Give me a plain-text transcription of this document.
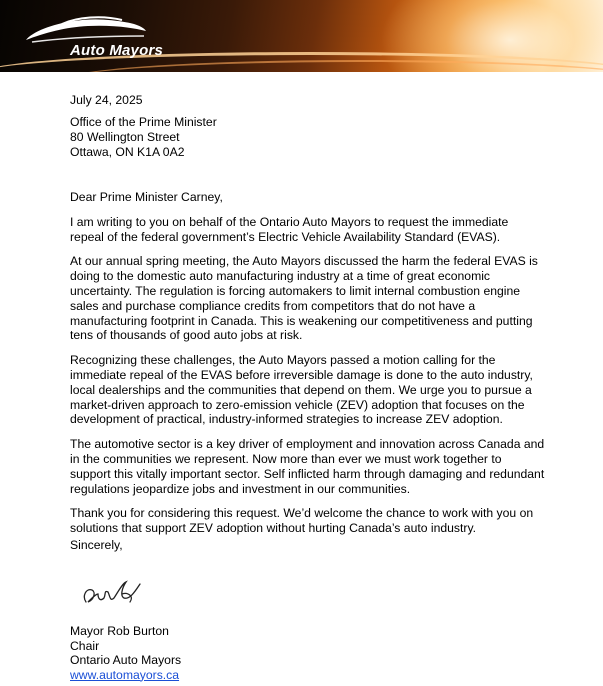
Auto Mayors
July 24, 2025
Office of the Prime Minister
80 Wellington Street
Ottawa, ON K1A 0A2

Dear Prime Minister Carney,

I am writing to you on behalf of the Ontario Auto Mayors to request the immediate repeal of the federal government’s Electric Vehicle Availability Standard (EVAS).

At our annual spring meeting, the Auto Mayors discussed the harm the federal EVAS is doing to the domestic auto manufacturing industry at a time of great economic uncertainty. The regulation is forcing automakers to limit internal combustion engine sales and purchase compliance credits from competitors that do not have a manufacturing footprint in Canada. This is weakening our competitiveness and putting tens of thousands of good auto jobs at risk.

Recognizing these challenges, the Auto Mayors passed a motion calling for the immediate repeal of the EVAS before irreversible damage is done to the auto industry, local dealerships and the communities that depend on them. We urge you to pursue a market-driven approach to zero-emission vehicle (ZEV) adoption that focuses on the development of practical, industry-informed strategies to increase ZEV adoption.

The automotive sector is a key driver of employment and innovation across Canada and in the communities we represent. Now more than ever we must work together to support this vitally important sector. Self inflicted harm through damaging and redundant regulations jeopardize jobs and investment in our communities.

Thank you for considering this request. We’d welcome the chance to work with you on solutions that support ZEV adoption without hurting Canada’s auto industry.

Sincerely,
Mayor Rob Burton
Chair
Ontario Auto Mayors
www.automayors.ca
